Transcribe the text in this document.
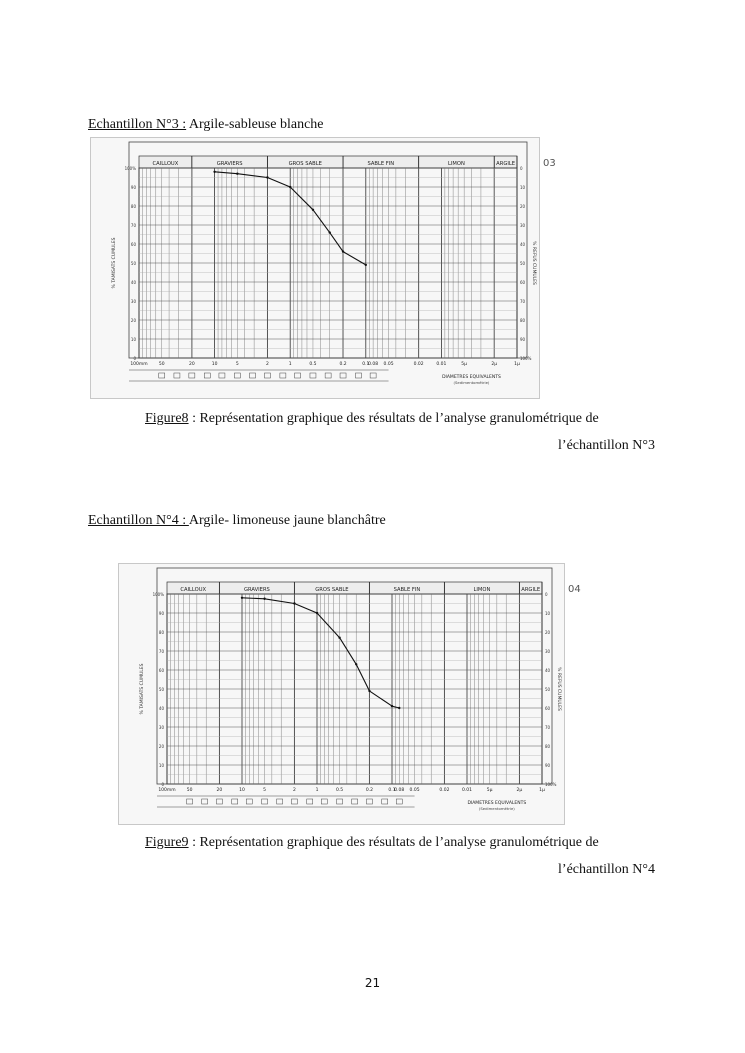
Echantillon N°3 : Argile-sableuse blanche
CAILLOUX	GRAVIERS	GROS SABLE	SABLE FIN	LIMON	ARGILE
100%
90
80
70
60
50
40
30
20
10
0
0
10
20
30
40
50
60
70
80
90
100%
% TAMISATS CUMULES	% REFUS CUMULES
100mm 50	20	10	5	2	1	0.5	0.2	0.1
0.08 0.05	0.02	0.01	5μ	2μ	1μ
DIAMETRES EQUIVALENTS
(Sedimentométrie)
03
Figure8 : Représentation graphique des résultats de l’analyse granulométrique de
l’échantillon N°3
Echantillon N°4 : Argile- limoneuse jaune blanchâtre
CAILLOUX	GRAVIERS	GROS SABLE	SABLE FIN	LIMON	ARGILE
100%
90
80
70
60
50
40
30
20
10
0
0
10
20
30
40
50
60
70
80
90
100%
% TAMISATS CUMULES	% REFUS CUMULES
100mm 50	20	10	5	2	1	0.5	0.2	0.1
0.08 0.05	0.02	0.01	5μ	2μ	1μ
DIAMETRES EQUIVALENTS
(Sedimentométrie)
04
Figure9 : Représentation graphique des résultats de l’analyse granulométrique de
l’échantillon N°4
21
